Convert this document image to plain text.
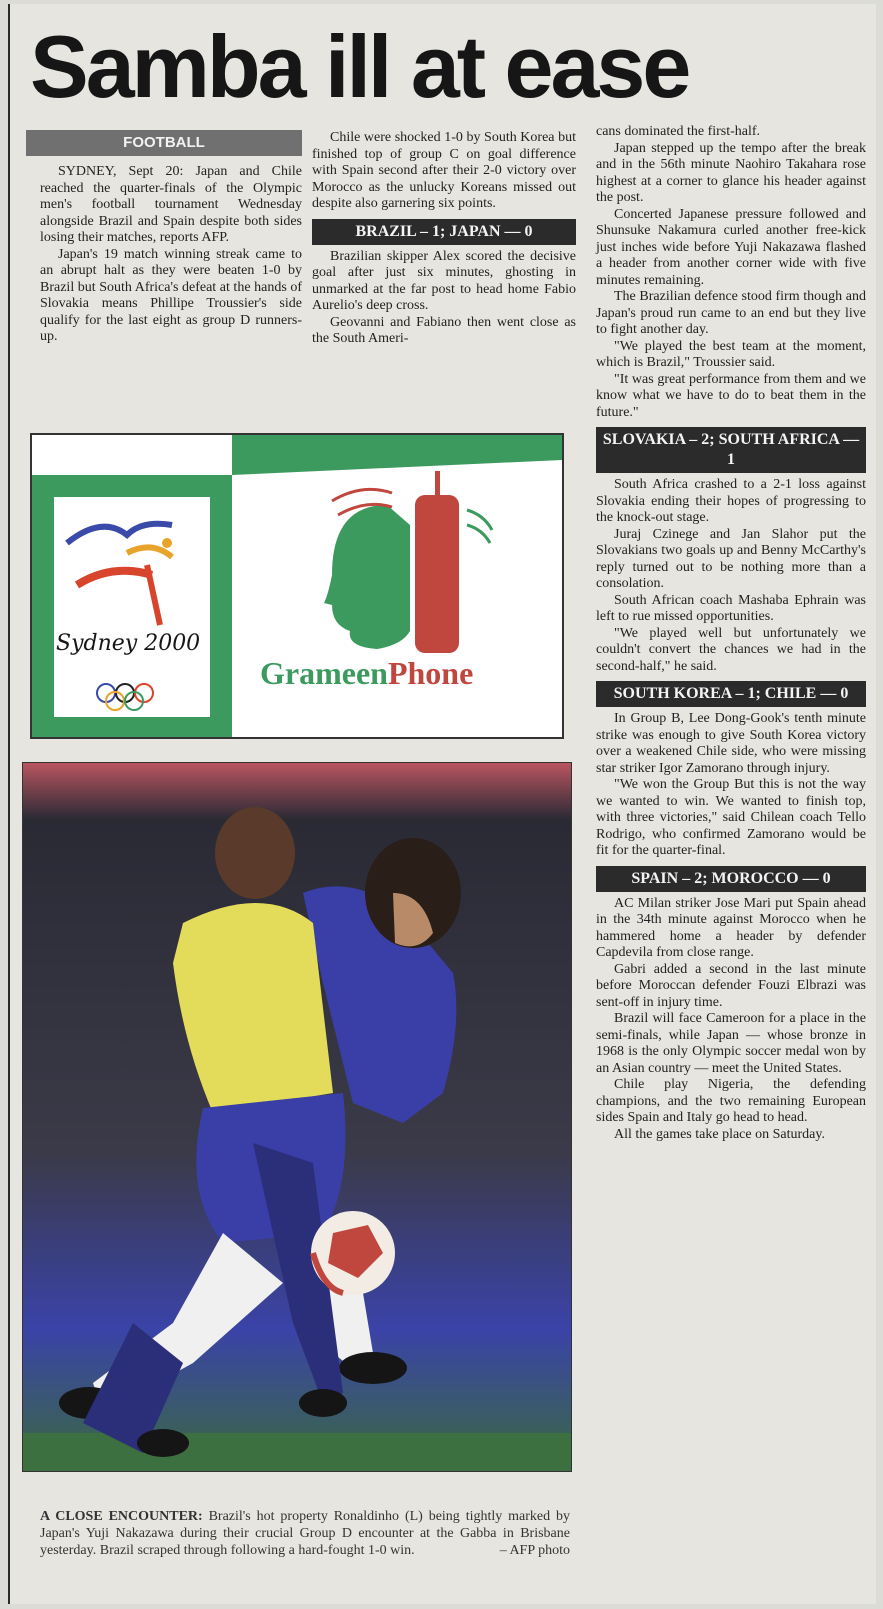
Samba ill at ease
FOOTBALL

SYDNEY, Sept 20: Japan and Chile reached the quarter-finals of the Olympic men's football tournament Wednesday alongside Brazil and Spain despite both sides losing their matches, reports AFP.

Japan's 19 match winning streak came to an abrupt halt as they were beaten 1-0 by Brazil but South Africa's defeat at the hands of Slovakia means Phillipe Troussier's side qualify for the last eight as group D runners-up.

Chile were shocked 1-0 by South Korea but finished top of group C on goal difference with Spain second after their 2-0 victory over Morocco as the unlucky Koreans missed out despite also garnering six points.

BRAZIL – 1; JAPAN — 0

Brazilian skipper Alex scored the decisive goal after just six minutes, ghosting in unmarked at the far post to head home Fabio Aurelio's deep cross.

Geovanni and Fabiano then went close as the South Ameri-

cans dominated the first-half.

Japan stepped up the tempo after the break and in the 56th minute Naohiro Takahara rose highest at a corner to glance his header against the post.

Concerted Japanese pressure followed and Shunsuke Nakamura curled another free-kick just inches wide before Yuji Nakazawa flashed a header from another corner wide with five minutes remaining.

The Brazilian defence stood firm though and Japan's proud run came to an end but they live to fight another day.

"We played the best team at the moment, which is Brazil," Troussier said.

"It was great performance from them and we know what we have to do to beat them in the future."

SLOVAKIA – 2; SOUTH AFRICA — 1

South Africa crashed to a 2-1 loss against Slovakia ending their hopes of progressing to the knock-out stage.

Juraj Czinege and Jan Slahor put the Slovakians two goals up and Benny McCarthy's reply turned out to be nothing more than a consolation.

South African coach Mashaba Ephrain was left to rue missed opportunities.

"We played well but unfortunately we couldn't convert the chances we had in the second-half," he said.

SOUTH KOREA – 1; CHILE — 0

In Group B, Lee Dong-Gook's tenth minute strike was enough to give South Korea victory over a weakened Chile side, who were missing star striker Igor Zamorano through injury.

"We won the Group But this is not the way we wanted to win. We wanted to finish top, with three victories," said Chilean coach Tello Rodrigo, who confirmed Zamorano would be fit for the quarter-final.

SPAIN – 2; MOROCCO — 0

AC Milan striker Jose Mari put Spain ahead in the 34th minute against Morocco when he hammered home a header by defender Capdevila from close range.

Gabri added a second in the last minute before Moroccan defender Fouzi Elbrazi was sent-off in injury time.

Brazil will face Cameroon for a place in the semi-finals, while Japan — whose bronze in 1968 is the only Olympic soccer medal won by an Asian country — meet the United States.

Chile play Nigeria, the defending champions, and the two remaining European sides Spain and Italy go head to head.

All the games take place on Saturday.

Sydney 2000
GrameenPhone
A CLOSE ENCOUNTER: Brazil's hot property Ronaldinho (L) being tightly marked by Japan's Yuji Nakazawa during their crucial Group D encounter at the Gabba in Brisbane yesterday. Brazil scraped through following a hard-fought 1-0 win.	– AFP photo
